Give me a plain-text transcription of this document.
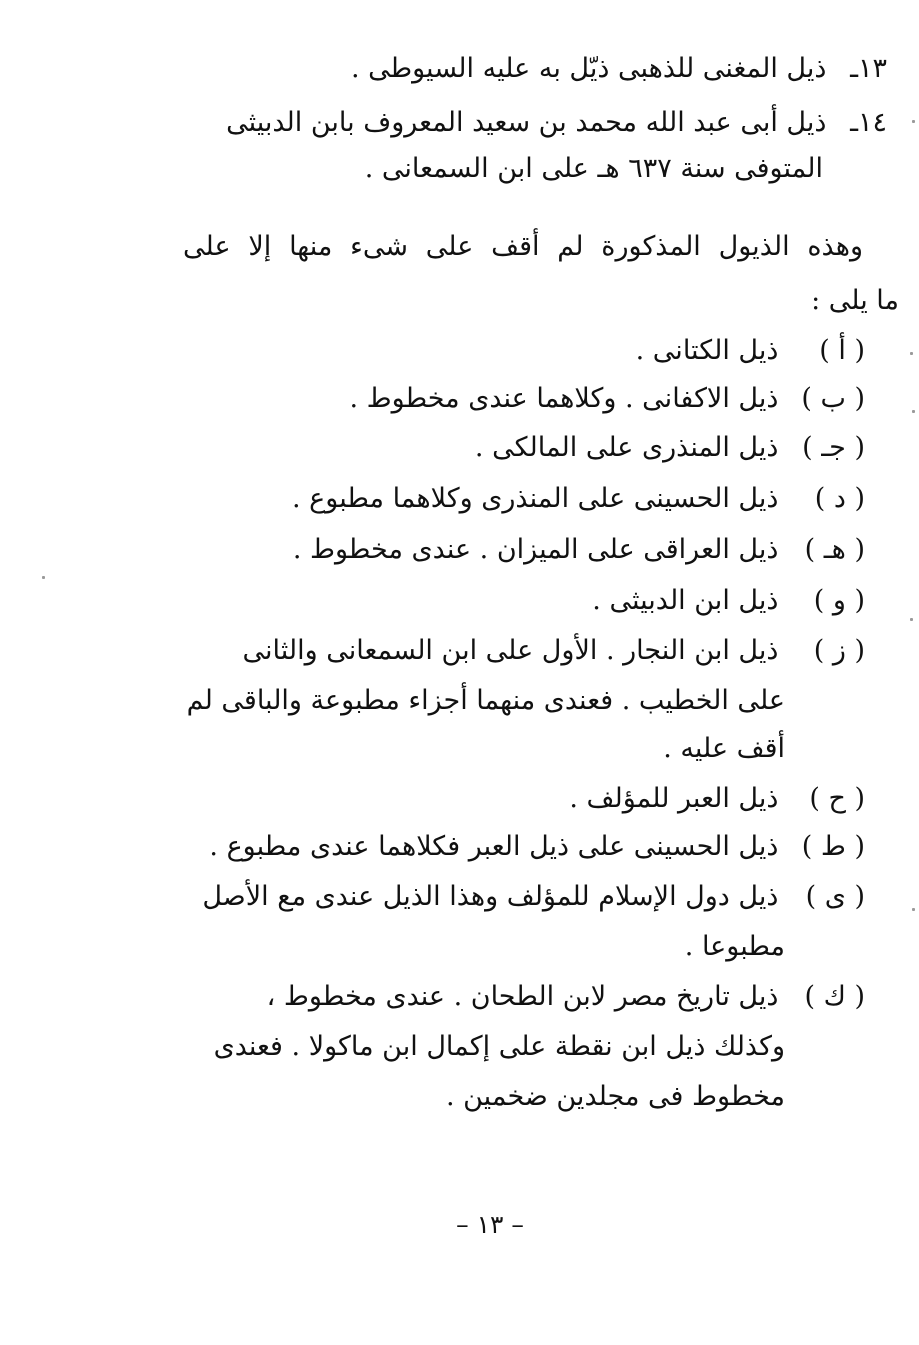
١٣ـ ذيل المغنى للذهبى ذيّل به عليه السيوطى .
١٤ـ ذيل أبى عبد الله محمد بن سعيد المعروف بابن الدبيثى
المتوفى سنة ٦٣٧ هـ على ابن السمعانى .
وهذه الذيول المذكورة لم أقف على شىء منها إلا على
ما يلى :
( أ ) ذيل الكتانى .
( ب ) ذيل الاكفانى . وكلاهما عندى مخطوط .
( جـ ) ذيل المنذرى على المالكى .
( د ) ذيل الحسينى على المنذرى وكلاهما مطبوع .
( هـ ) ذيل العراقى على الميزان . عندى مخطوط .
( و ) ذيل ابن الدبيثى .
( ز ) ذيل ابن النجار . الأول على ابن السمعانى والثانى
على الخطيب . فعندى منهما أجزاء مطبوعة والباقى لم
أقف عليه .
( ح ) ذيل العبر للمؤلف .
( ط ) ذيل الحسينى على ذيل العبر فكلاهما عندى مطبوع .
( ى ) ذيل دول الإسلام للمؤلف وهذا الذيل عندى مع الأصل
مطبوعا .
( ك ) ذيل تاريخ مصر لابن الطحان . عندى مخطوط ،
وكذلك ذيل ابن نقطة على إكمال ابن ماكولا . فعندى
مخطوط فى مجلدين ضخمين .
– ١٣ –
